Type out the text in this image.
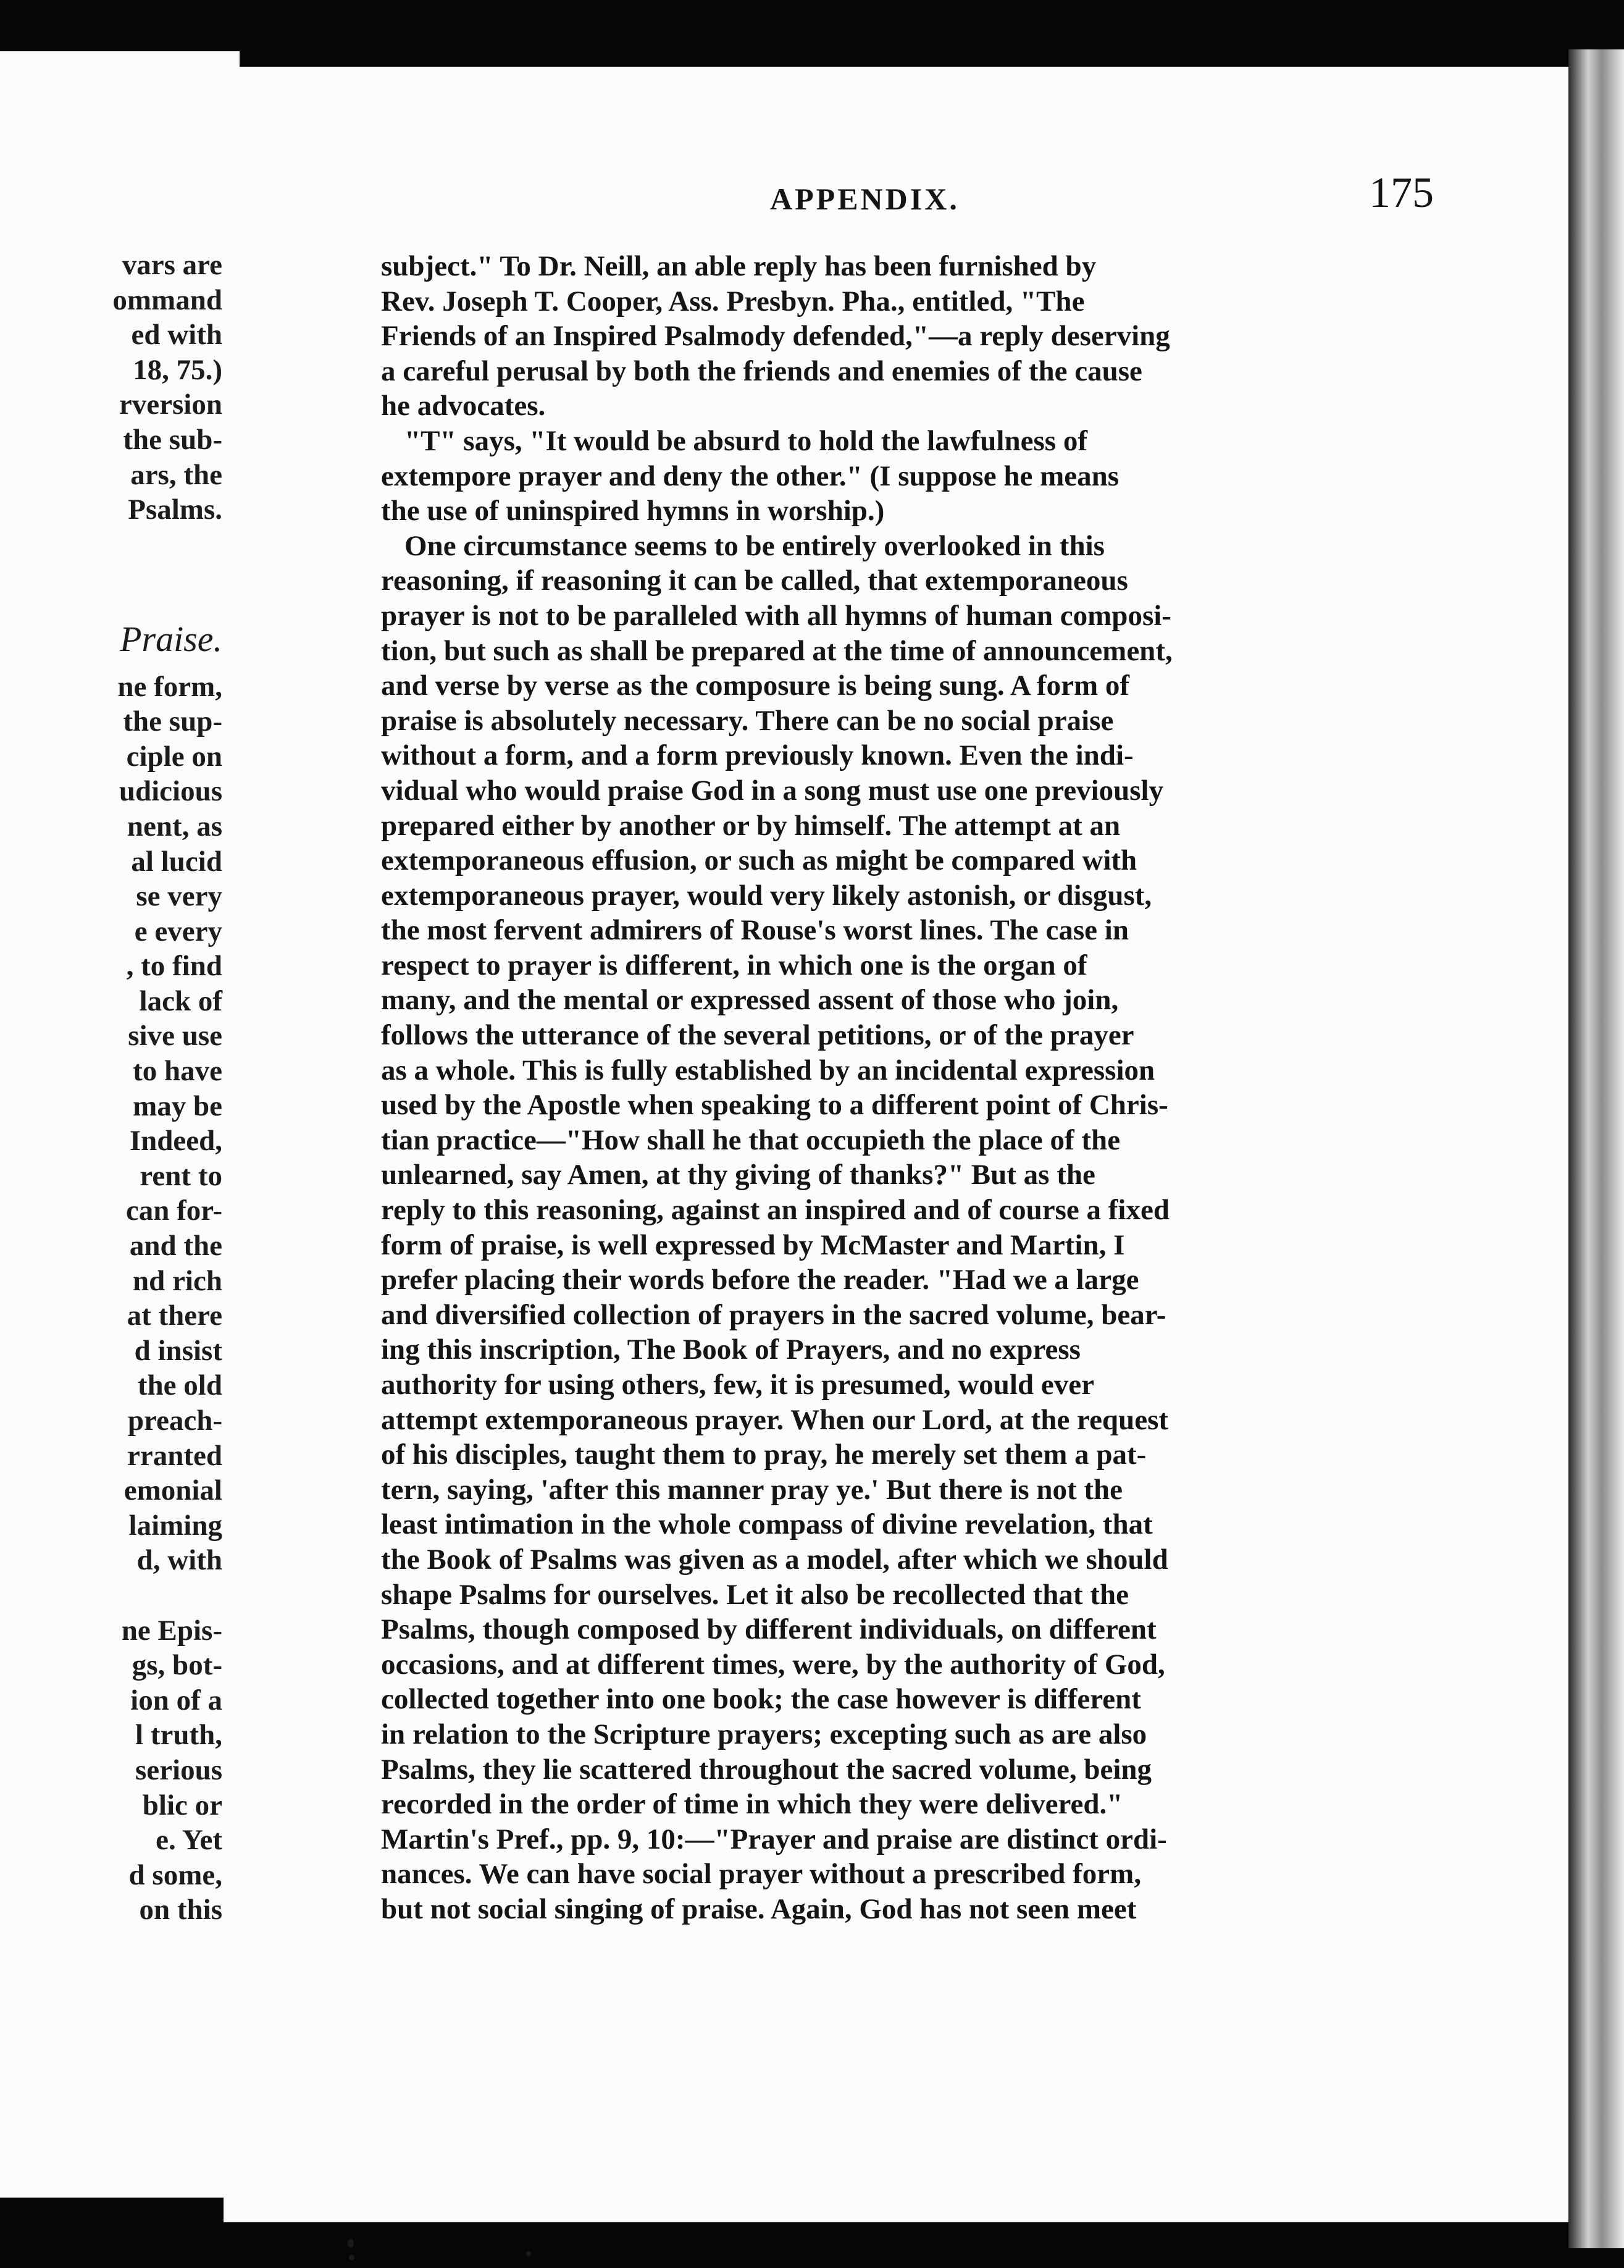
vars are
ommand
ed with
18, 75.)
rversion
the sub-
ars, the
Psalms.
Praise.
ne form,
the sup-
ciple on
udicious
nent, as
al lucid
se very
e every
, to find
lack of
sive use
to have
may be
Indeed,
rent to
can for-
and the
nd rich
at there
d insist
the old
preach-
rranted
emonial
laiming
d, with
ne Epis-
gs, bot-
ion of a
l truth,
serious
blic or
e. Yet
d some,
on this
APPENDIX.	175
subject." To Dr. Neill, an able reply has been furnished by
Rev. Joseph T. Cooper, Ass. Presbyn. Pha., entitled, "The
Friends of an Inspired Psalmody defended,"—a reply deserving
a careful perusal by both the friends and enemies of the cause
he advocates.
"T" says, "It would be absurd to hold the lawfulness of
extempore prayer and deny the other." (I suppose he means
the use of uninspired hymns in worship.)
One circumstance seems to be entirely overlooked in this
reasoning, if reasoning it can be called, that extemporaneous
prayer is not to be paralleled with all hymns of human composi-
tion, but such as shall be prepared at the time of announcement,
and verse by verse as the composure is being sung. A form of
praise is absolutely necessary. There can be no social praise
without a form, and a form previously known. Even the indi-
vidual who would praise God in a song must use one previously
prepared either by another or by himself. The attempt at an
extemporaneous effusion, or such as might be compared with
extemporaneous prayer, would very likely astonish, or disgust,
the most fervent admirers of Rouse's worst lines. The case in
respect to prayer is different, in which one is the organ of
many, and the mental or expressed assent of those who join,
follows the utterance of the several petitions, or of the prayer
as a whole. This is fully established by an incidental expression
used by the Apostle when speaking to a different point of Chris-
tian practice—"How shall he that occupieth the place of the
unlearned, say Amen, at thy giving of thanks?" But as the
reply to this reasoning, against an inspired and of course a fixed
form of praise, is well expressed by McMaster and Martin, I
prefer placing their words before the reader. "Had we a large
and diversified collection of prayers in the sacred volume, bear-
ing this inscription, The Book of Prayers, and no express
authority for using others, few, it is presumed, would ever
attempt extemporaneous prayer. When our Lord, at the request
of his disciples, taught them to pray, he merely set them a pat-
tern, saying, 'after this manner pray ye.' But there is not the
least intimation in the whole compass of divine revelation, that
the Book of Psalms was given as a model, after which we should
shape Psalms for ourselves. Let it also be recollected that the
Psalms, though composed by different individuals, on different
occasions, and at different times, were, by the authority of God,
collected together into one book; the case however is different
in relation to the Scripture prayers; excepting such as are also
Psalms, they lie scattered throughout the sacred volume, being
recorded in the order of time in which they were delivered."
Martin's Pref., pp. 9, 10:—"Prayer and praise are distinct ordi-
nances. We can have social prayer without a prescribed form,
but not social singing of praise. Again, God has not seen meet
